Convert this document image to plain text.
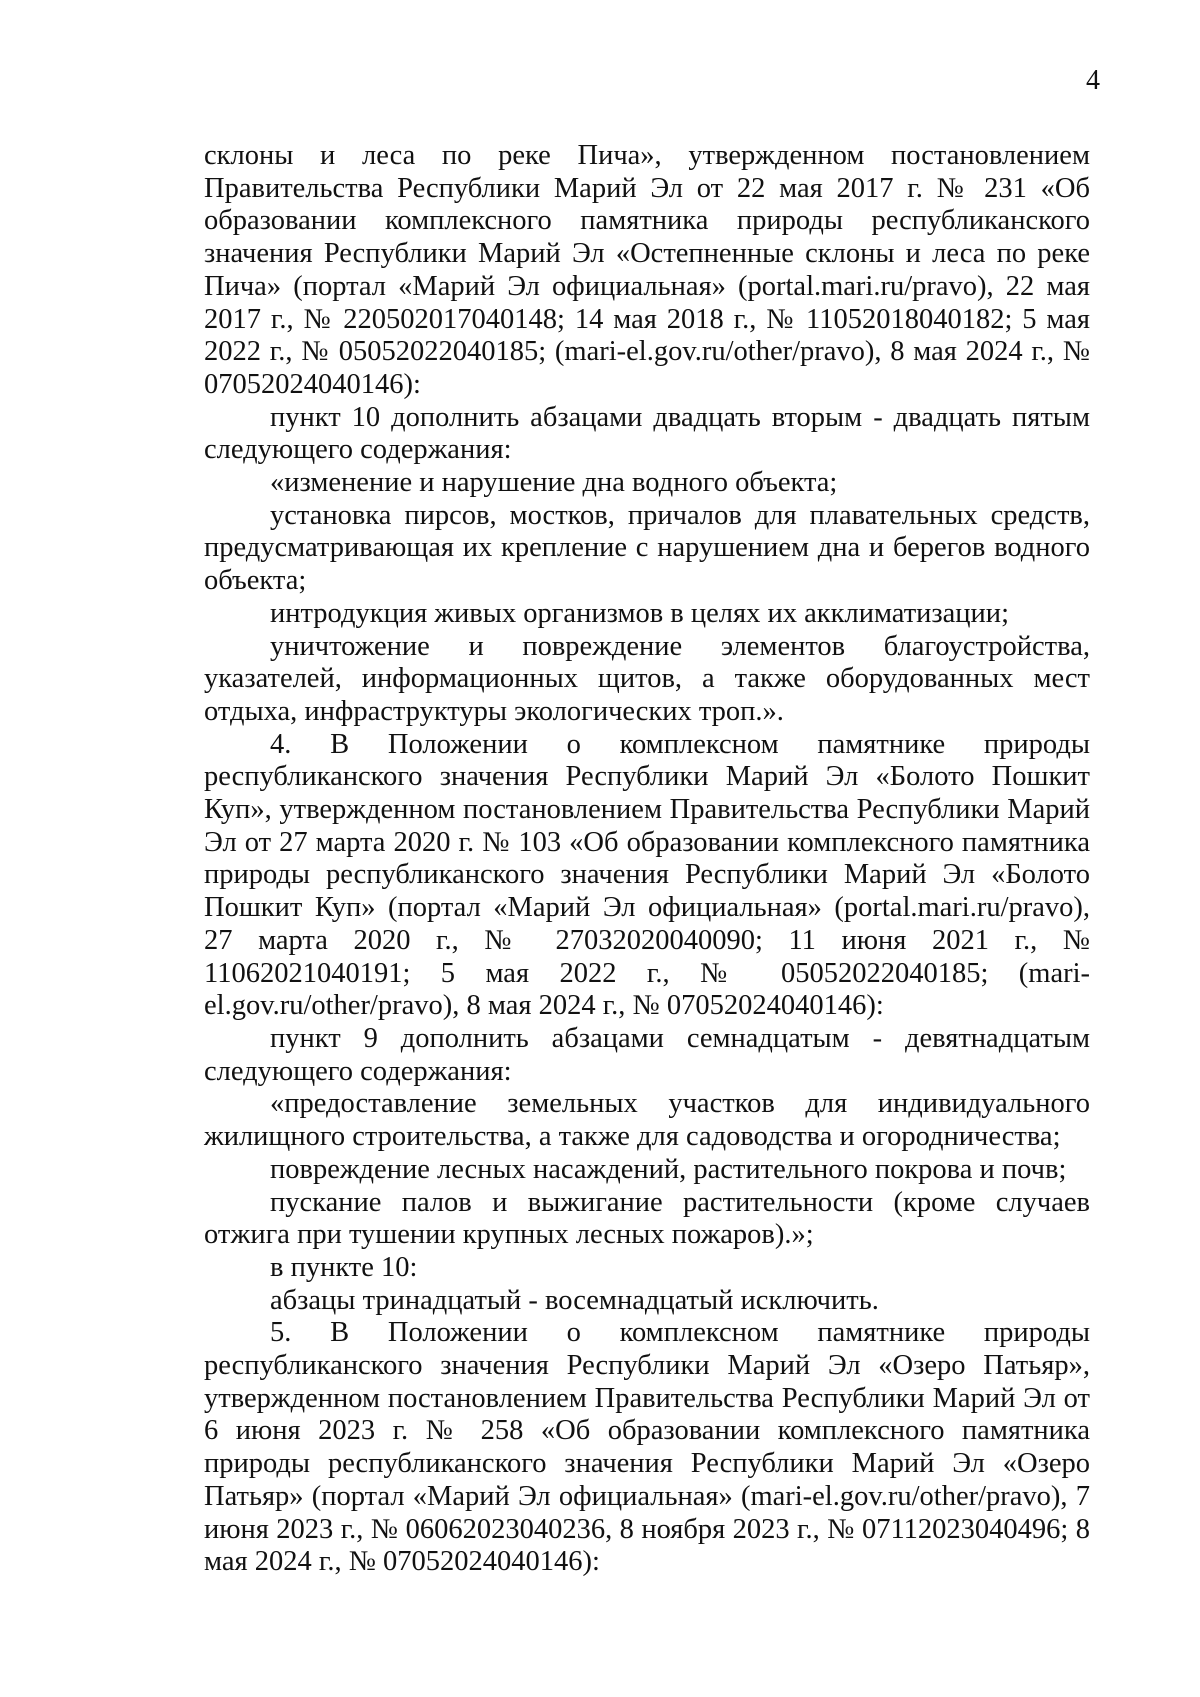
4

склоны и леса по реке Пича», утвержденном постановлением Правительства Республики Марий Эл от 22 мая 2017 г. № 231 «Об образовании комплексного памятника природы республиканского значения Республики Марий Эл «Остепненные склоны и леса по реке Пича» (портал «Марий Эл официальная» (portal.mari.ru/pravo), 22 мая 2017 г., № 220502017040148; 14 мая 2018 г., № 11052018040182; 5 мая 2022 г., № 05052022040185; (mari-el.gov.ru/other/pravo), 8 мая 2024 г., № 07052024040146):

пункт 10 дополнить абзацами двадцать вторым - двадцать пятым следующего содержания:

«изменение и нарушение дна водного объекта;

установка пирсов, мостков, причалов для плавательных средств, предусматривающая их крепление с нарушением дна и берегов водного объекта;

интродукция живых организмов в целях их акклиматизации;

уничтожение и повреждение элементов благоустройства, указателей, информационных щитов, а также оборудованных мест отдыха, инфраструктуры экологических троп.».

4. В Положении о комплексном памятнике природы республиканского значения Республики Марий Эл «Болото Пошкит Куп», утвержденном постановлением Правительства Республики Марий Эл от 27 марта 2020 г. № 103 «Об образовании комплексного памятника природы республиканского значения Республики Марий Эл «Болото Пошкит Куп» (портал «Марий Эл официальная» (portal.mari.ru/pravo), 27 марта 2020 г., № 27032020040090; 11 июня 2021 г., № 11062021040191; 5 мая 2022 г., № 05052022040185; (mari-el.gov.ru/other/pravo), 8 мая 2024 г., № 07052024040146):

пункт 9 дополнить абзацами семнадцатым - девятнадцатым следующего содержания:

«предоставление земельных участков для индивидуального жилищного строительства, а также для садоводства и огородничества;

повреждение лесных насаждений, растительного покрова и почв;

пускание палов и выжигание растительности (кроме случаев отжига при тушении крупных лесных пожаров).»;

в пункте 10:

абзацы тринадцатый - восемнадцатый исключить.

5. В Положении о комплексном памятнике природы республиканского значения Республики Марий Эл «Озеро Патьяр», утвержденном постановлением Правительства Республики Марий Эл от 6 июня 2023 г. № 258 «Об образовании комплексного памятника природы республиканского значения Республики Марий Эл «Озеро Патьяр» (портал «Марий Эл официальная» (mari-el.gov.ru/other/pravo), 7 июня 2023 г., № 06062023040236, 8 ноября 2023 г., № 07112023040496; 8 мая 2024 г., № 07052024040146):
